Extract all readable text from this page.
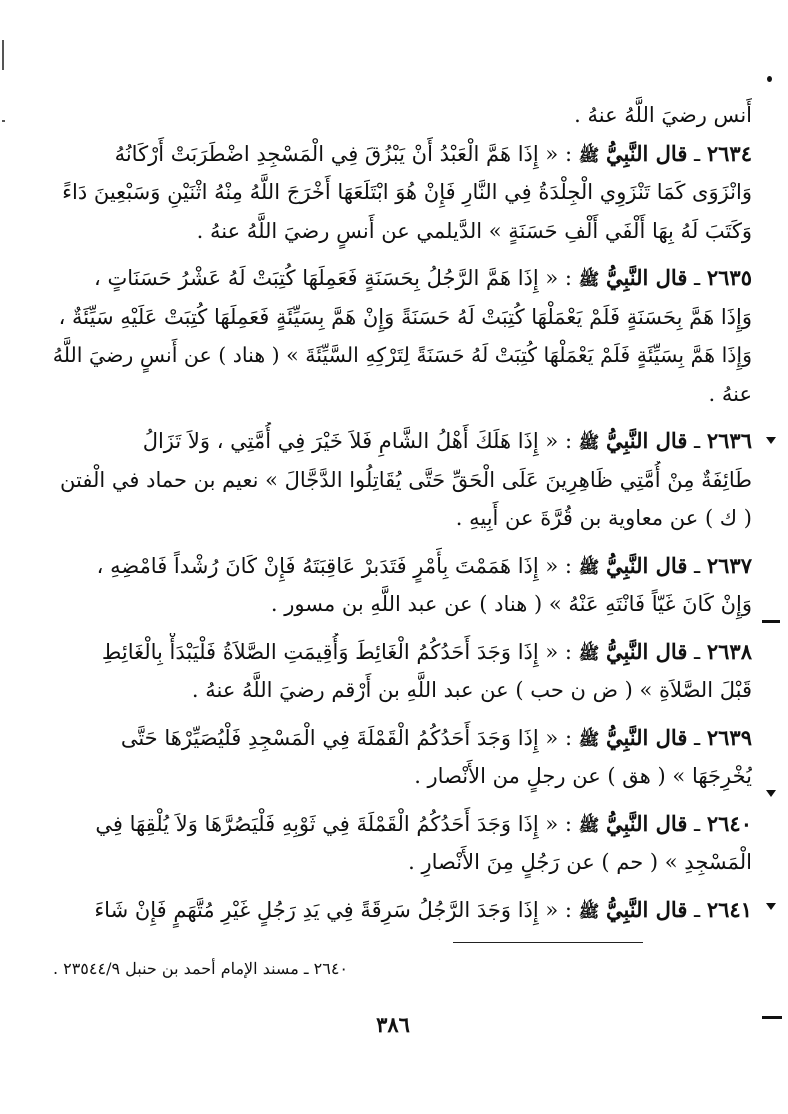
أَنس رضيَ اللَّهُ عنهُ .
٢٦٣٤ ـ قال النَّبِيُّ ﷺ : « إِذَا هَمَّ الْعَبْدُ أَنْ يَبْزُقَ فِي الْمَسْجِدِ اضْطَرَبَتْ أَرْكَانُهُ
وَانْزَوَى كَمَا تَنْزَوِي الْجِلْدَةُ فِي النَّارِ فَإِنْ هُوَ ابْتَلَعَهَا أَخْرَجَ اللَّهُ مِنْهُ اثْنَيْنِ وَسَبْعِينَ دَاءً
وَكَتَبَ لَهُ بِهَا أَلْفَي أَلْفِ حَسَنَةٍ » الدَّيلمي عن أَنسٍ رضيَ اللَّهُ عنهُ .
٢٦٣٥ ـ قال النَّبِيُّ ﷺ : « إِذَا هَمَّ الرَّجُلُ بِحَسَنَةٍ فَعَمِلَهَا كُتِبَتْ لَهُ عَشْرُ حَسَنَاتٍ ،
وَإِذَا هَمَّ بِحَسَنَةٍ فَلَمْ يَعْمَلْهَا كُتِبَتْ لَهُ حَسَنَةً وَإِنْ هَمَّ بِسَيِّئَةٍ فَعَمِلَهَا كُتِبَتْ عَلَيْهِ سَيِّئَةٌ ،
وَإِذَا هَمَّ بِسَيِّئَةٍ فَلَمْ يَعْمَلْهَا كُتِبَتْ لَهُ حَسَنَةً لِتَرْكِهِ السَّيِّئَةَ » ( هناد ) عن أَنسٍ رضيَ اللَّهُ
عنهُ .
٢٦٣٦ ـ قال النَّبِيُّ ﷺ : « إِذَا هَلَكَ أَهْلُ الشَّامِ فَلاَ خَيْرَ فِي أُمَّتِي ، وَلاَ تَزَالُ
طَائِفَةٌ مِنْ أُمَّتِي ظَاهِرِينَ عَلَى الْحَقِّ حَتَّى يُقَاتِلُوا الدَّجَّالَ » نعيم بن حماد في الْفتن
( ك ) عن معاوية بن قُرَّةَ عن أَبِيهِ .
٢٦٣٧ ـ قال النَّبِيُّ ﷺ : « إِذَا هَمَمْتَ بِأَمْرٍ فَتَدَبرْ عَاقِبَتَهُ فَإِنْ كَانَ رُشْداً فَامْضِهِ ،
وَإِنْ كَانَ غَيّاً فَانْتَهِ عَنْهُ » ( هناد ) عن عبد اللَّهِ بن مسور .
٢٦٣٨ ـ قال النَّبِيُّ ﷺ : « إِذَا وَجَدَ أَحَدُكُمُ الْغَائِطَ وَأُقِيمَتِ الصَّلاَةُ فَلْيَبْدَأْ بِالْغَائِطِ
قَبْلَ الصَّلاَةِ » ( ض ن حب ) عن عبد اللَّهِ بن أَرْقم رضيَ اللَّهُ عنهُ .
٢٦٣٩ ـ قال النَّبِيُّ ﷺ : « إِذَا وَجَدَ أَحَدُكُمُ الْقَمْلَةَ فِي الْمَسْجِدِ فَلْيُصَيِّرْهَا حَتَّى
يُخْرِجَهَا » ( هق ) عن رجلٍ من الأَنْصار .
٢٦٤٠ ـ قال النَّبِيُّ ﷺ : « إِذَا وَجَدَ أَحَدُكُمُ الْقَمْلَةَ فِي ثَوْبِهِ فَلْيَصُرَّهَا وَلاَ يُلْقِهَا فِي
الْمَسْجِدِ » ( حم ) عن رَجُلٍ مِنَ الأَنْصارِ .
٢٦٤١ ـ قال النَّبِيُّ ﷺ : « إِذَا وَجَدَ الرَّجُلُ سَرِقَةً فِي يَدِ رَجُلٍ غَيْرِ مُتَّهَمٍ فَإِنْ شَاءَ
٢٦٤٠ ـ مسند الإمام أحمد بن حنبل ٢٣٥٤٤/٩ .
٣٨٦
